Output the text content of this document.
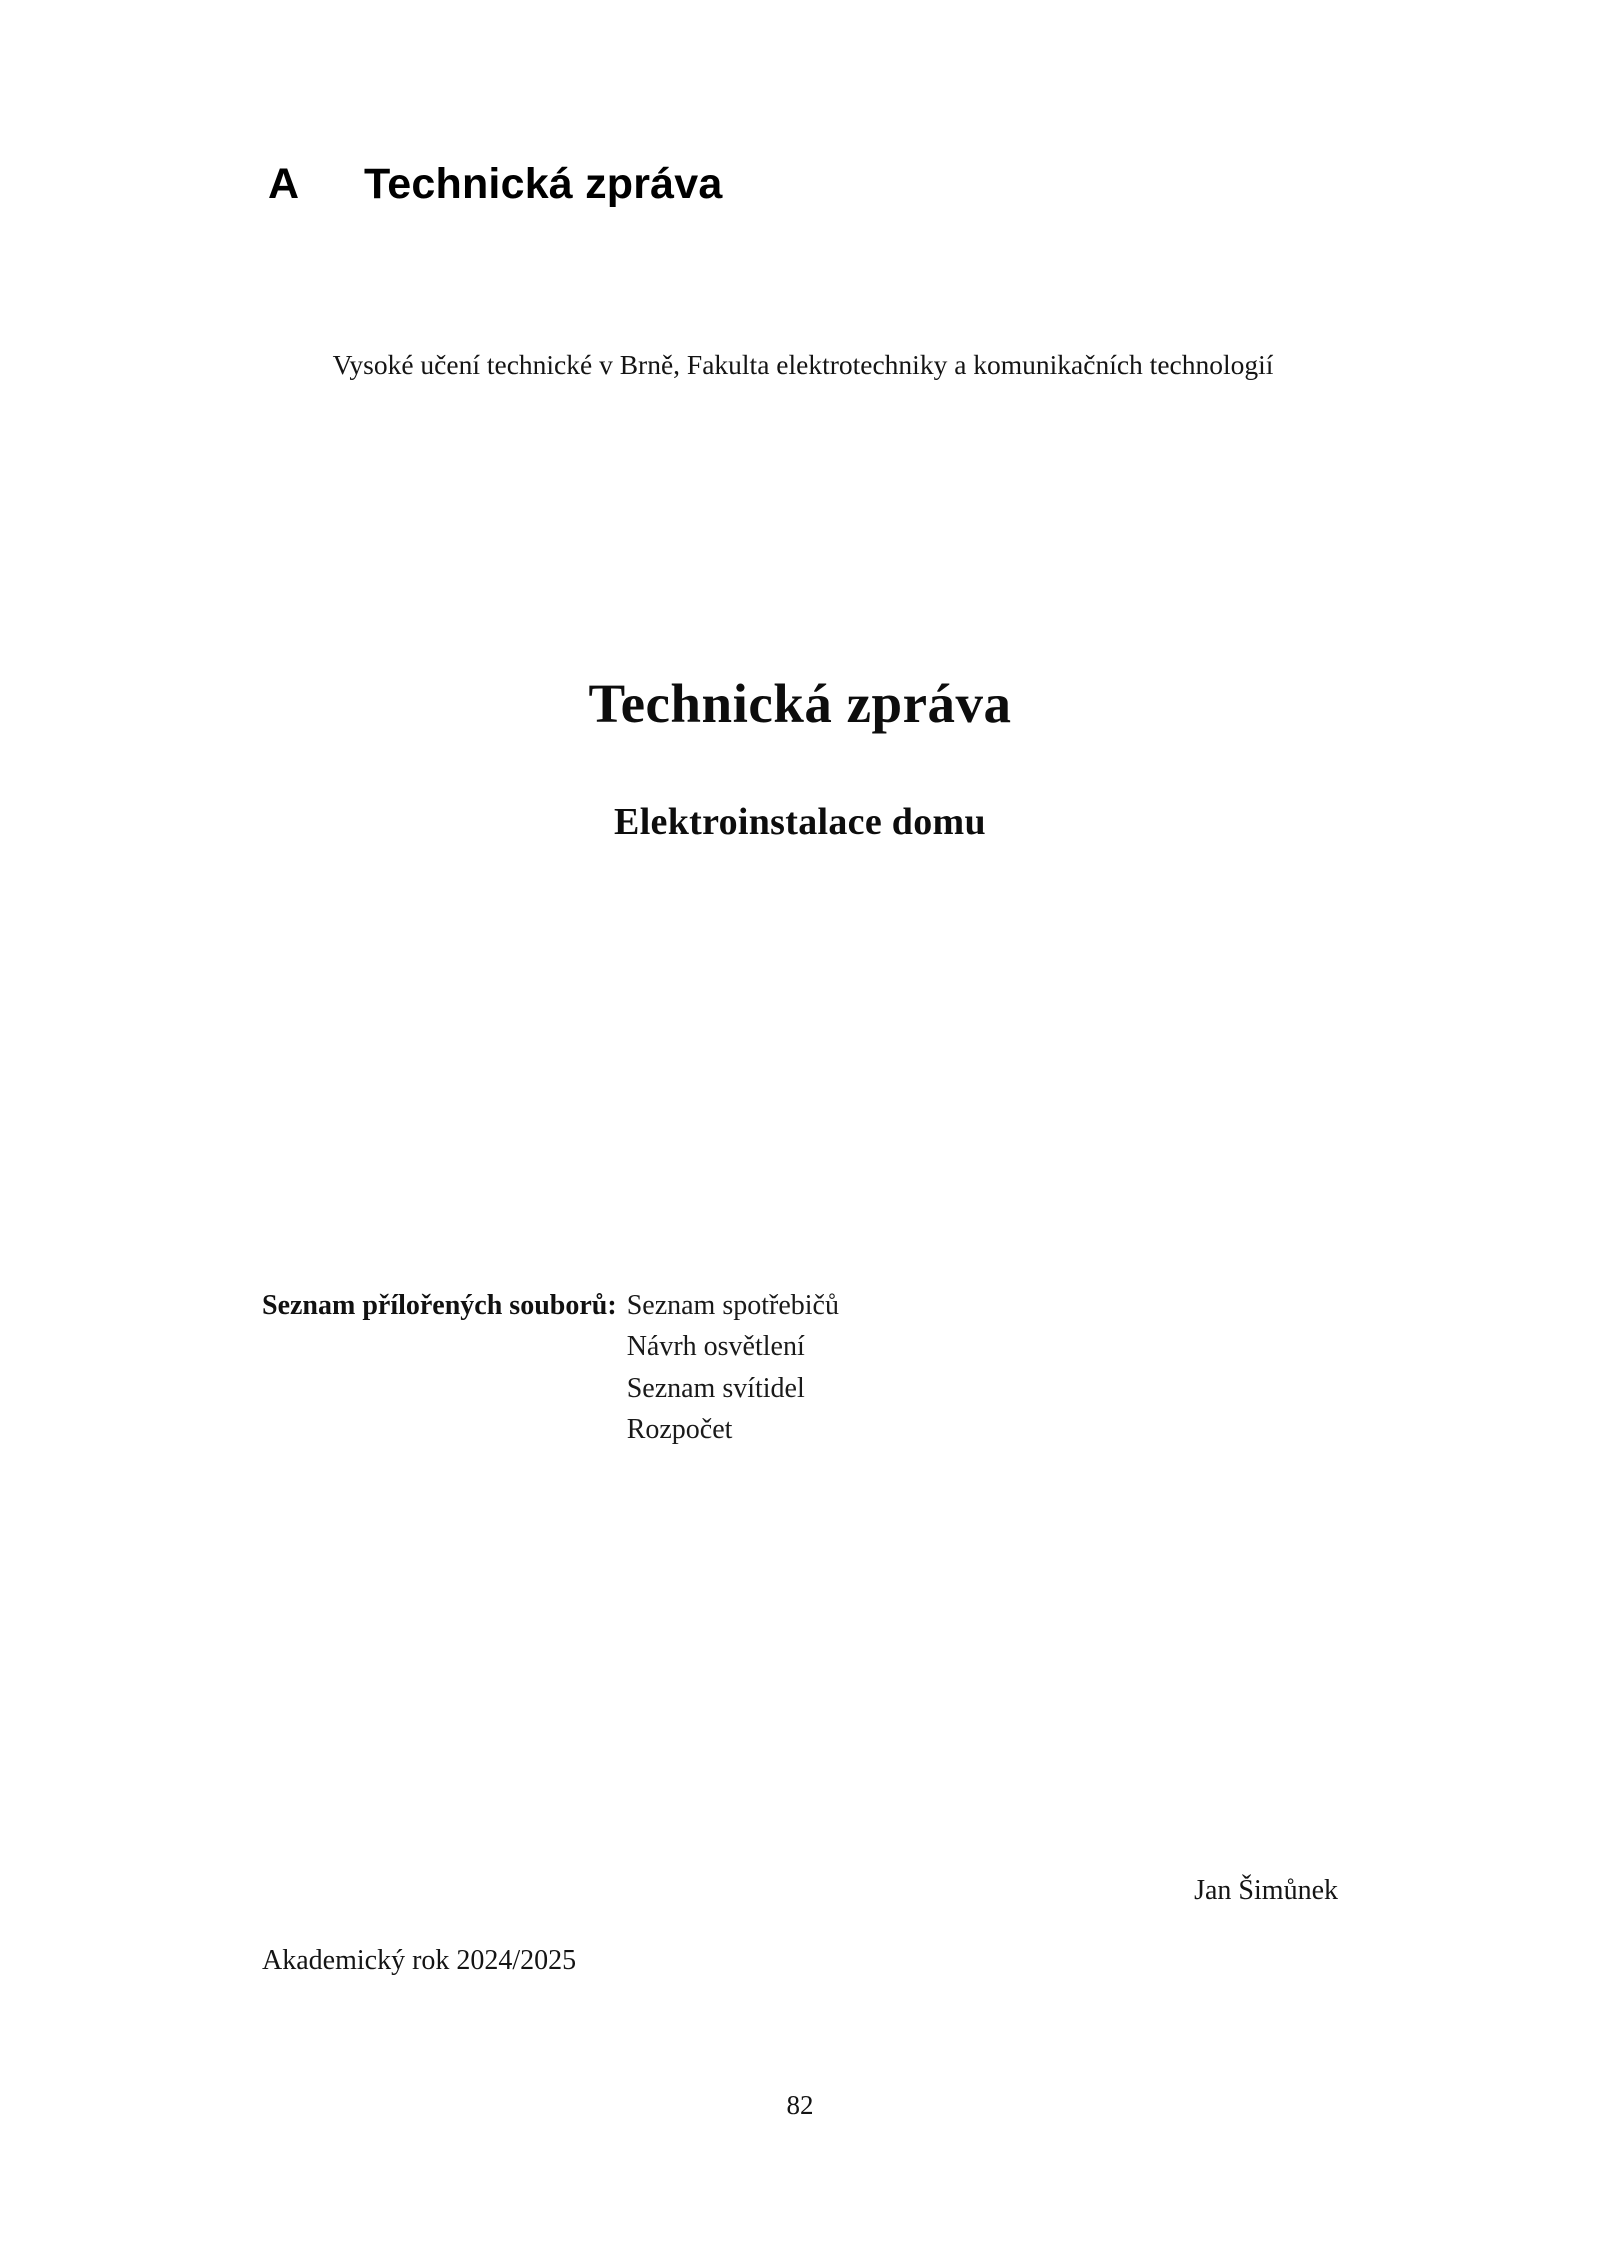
A	Technická zpráva
Vysoké učení technické v Brně, Fakulta elektrotechniky a komunikačních technologií
Technická zpráva
Elektroinstalace domu
Seznam přílořených souborů: Seznam spotřebičů
Návrh osvětlení
Seznam svítidel
Rozpočet
Jan Šimůnek
Akademický rok 2024/2025
82
